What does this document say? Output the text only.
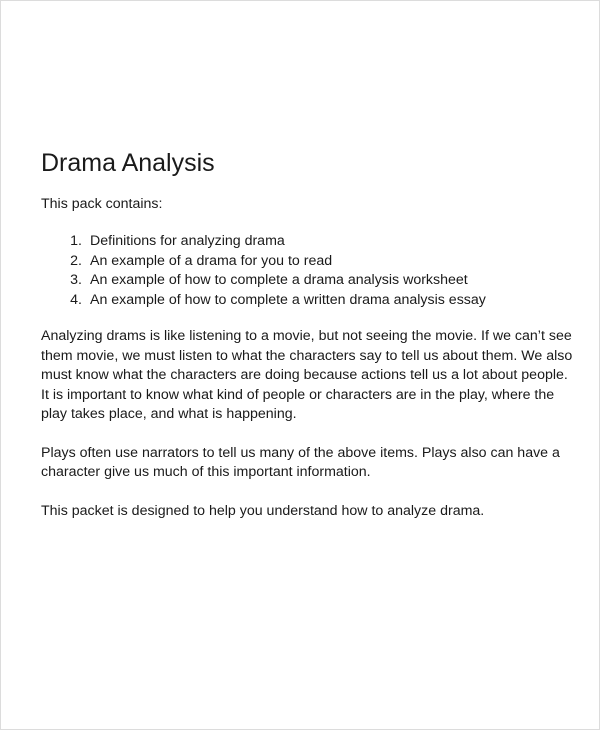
Drama Analysis

This pack contains:

1. Definitions for analyzing drama
2. An example of a drama for you to read
3. An example of how to complete a drama analysis worksheet
4. An example of how to complete a written drama analysis essay

Analyzing drams is like listening to a movie, but not seeing the movie. If we can’t see them movie, we must listen to what the characters say to tell us about them. We also must know what the characters are doing because actions tell us a lot about people. It is important to know what kind of people or characters are in the play, where the play takes place, and what is happening.

Plays often use narrators to tell us many of the above items. Plays also can have a character give us much of this important information.

This packet is designed to help you understand how to analyze drama.
